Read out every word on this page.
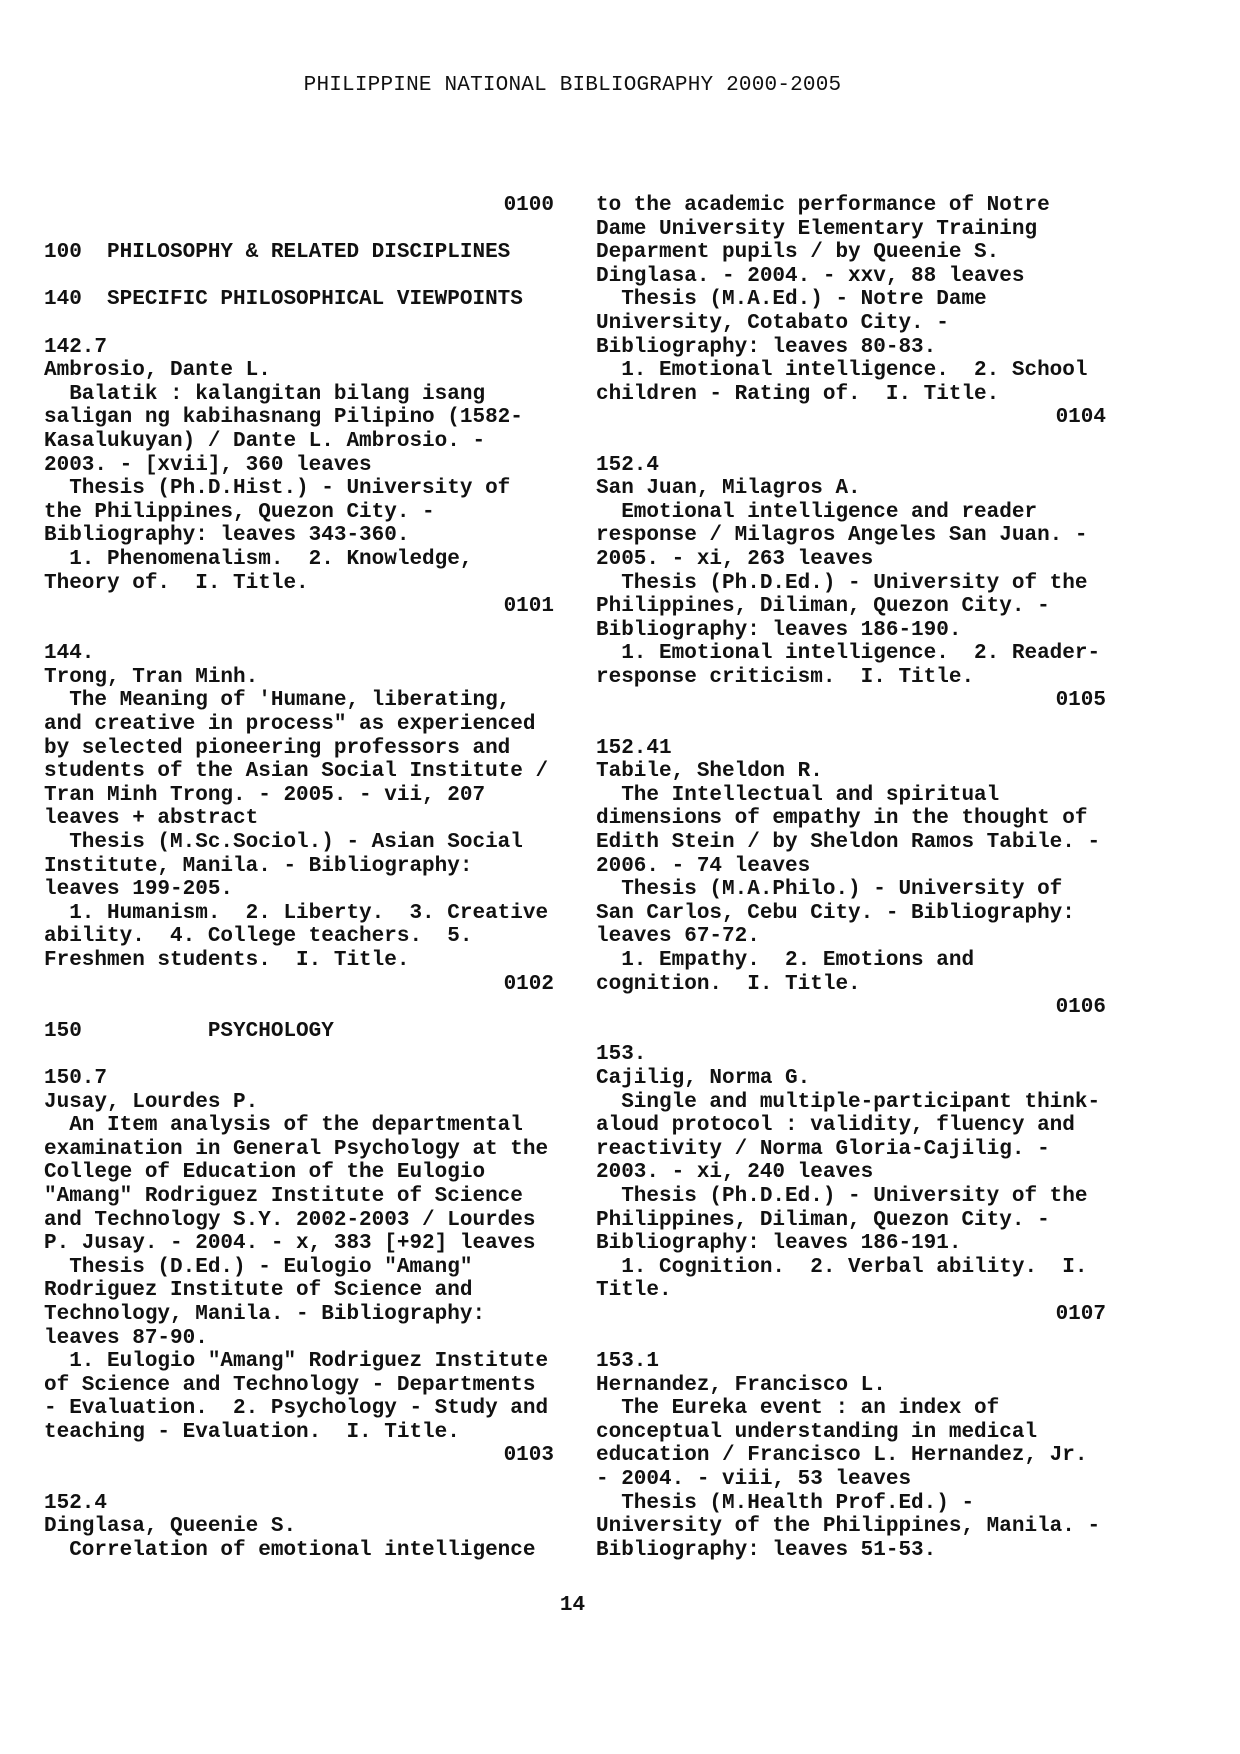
PHILIPPINE NATIONAL BIBLIOGRAPHY 2000-2005
0100
100  PHILOSOPHY & RELATED DISCIPLINES
140  SPECIFIC PHILOSOPHICAL VIEWPOINTS
142.7
Ambrosio, Dante L.
Balatik : kalangitan bilang isang
saligan ng kabihasnang Pilipino (1582-
Kasalukuyan) / Dante L. Ambrosio. -
2003. - [xvii], 360 leaves
Thesis (Ph.D.Hist.) - University of
the Philippines, Quezon City. -
Bibliography: leaves 343-360.
1. Phenomenalism.  2. Knowledge,
Theory of.  I. Title.
0101
144.
Trong, Tran Minh.
The Meaning of 'Humane, liberating,
and creative in process" as experienced
by selected pioneering professors and
students of the Asian Social Institute /
Tran Minh Trong. - 2005. - vii, 207
leaves + abstract
Thesis (M.Sc.Sociol.) - Asian Social
Institute, Manila. - Bibliography:
leaves 199-205.
1. Humanism.  2. Liberty.  3. Creative
ability.  4. College teachers.  5.
Freshmen students.  I. Title.
0102
150          PSYCHOLOGY
150.7
Jusay, Lourdes P.
An Item analysis of the departmental
examination in General Psychology at the
College of Education of the Eulogio
"Amang" Rodriguez Institute of Science
and Technology S.Y. 2002-2003 / Lourdes
P. Jusay. - 2004. - x, 383 [+92] leaves
Thesis (D.Ed.) - Eulogio "Amang"
Rodriguez Institute of Science and
Technology, Manila. - Bibliography:
leaves 87-90.
1. Eulogio "Amang" Rodriguez Institute
of Science and Technology - Departments
- Evaluation.  2. Psychology - Study and
teaching - Evaluation.  I. Title.
0103
152.4
Dinglasa, Queenie S.
Correlation of emotional intelligence
to the academic performance of Notre
Dame University Elementary Training
Deparment pupils / by Queenie S.
Dinglasa. - 2004. - xxv, 88 leaves
Thesis (M.A.Ed.) - Notre Dame
University, Cotabato City. -
Bibliography: leaves 80-83.
1. Emotional intelligence.  2. School
children - Rating of.  I. Title.
0104
152.4
San Juan, Milagros A.
Emotional intelligence and reader
response / Milagros Angeles San Juan. -
2005. - xi, 263 leaves
Thesis (Ph.D.Ed.) - University of the
Philippines, Diliman, Quezon City. -
Bibliography: leaves 186-190.
1. Emotional intelligence.  2. Reader-
response criticism.  I. Title.
0105
152.41
Tabile, Sheldon R.
The Intellectual and spiritual
dimensions of empathy in the thought of
Edith Stein / by Sheldon Ramos Tabile. -
2006. - 74 leaves
Thesis (M.A.Philo.) - University of
San Carlos, Cebu City. - Bibliography:
leaves 67-72.
1. Empathy.  2. Emotions and
cognition.  I. Title.
0106
153.
Cajilig, Norma G.
Single and multiple-participant think-
aloud protocol : validity, fluency and
reactivity / Norma Gloria-Cajilig. -
2003. - xi, 240 leaves
Thesis (Ph.D.Ed.) - University of the
Philippines, Diliman, Quezon City. -
Bibliography: leaves 186-191.
1. Cognition.  2. Verbal ability.  I.
Title.
0107
153.1
Hernandez, Francisco L.
The Eureka event : an index of
conceptual understanding in medical
education / Francisco L. Hernandez, Jr.
- 2004. - viii, 53 leaves
Thesis (M.Health Prof.Ed.) -
University of the Philippines, Manila. -
Bibliography: leaves 51-53.
14
